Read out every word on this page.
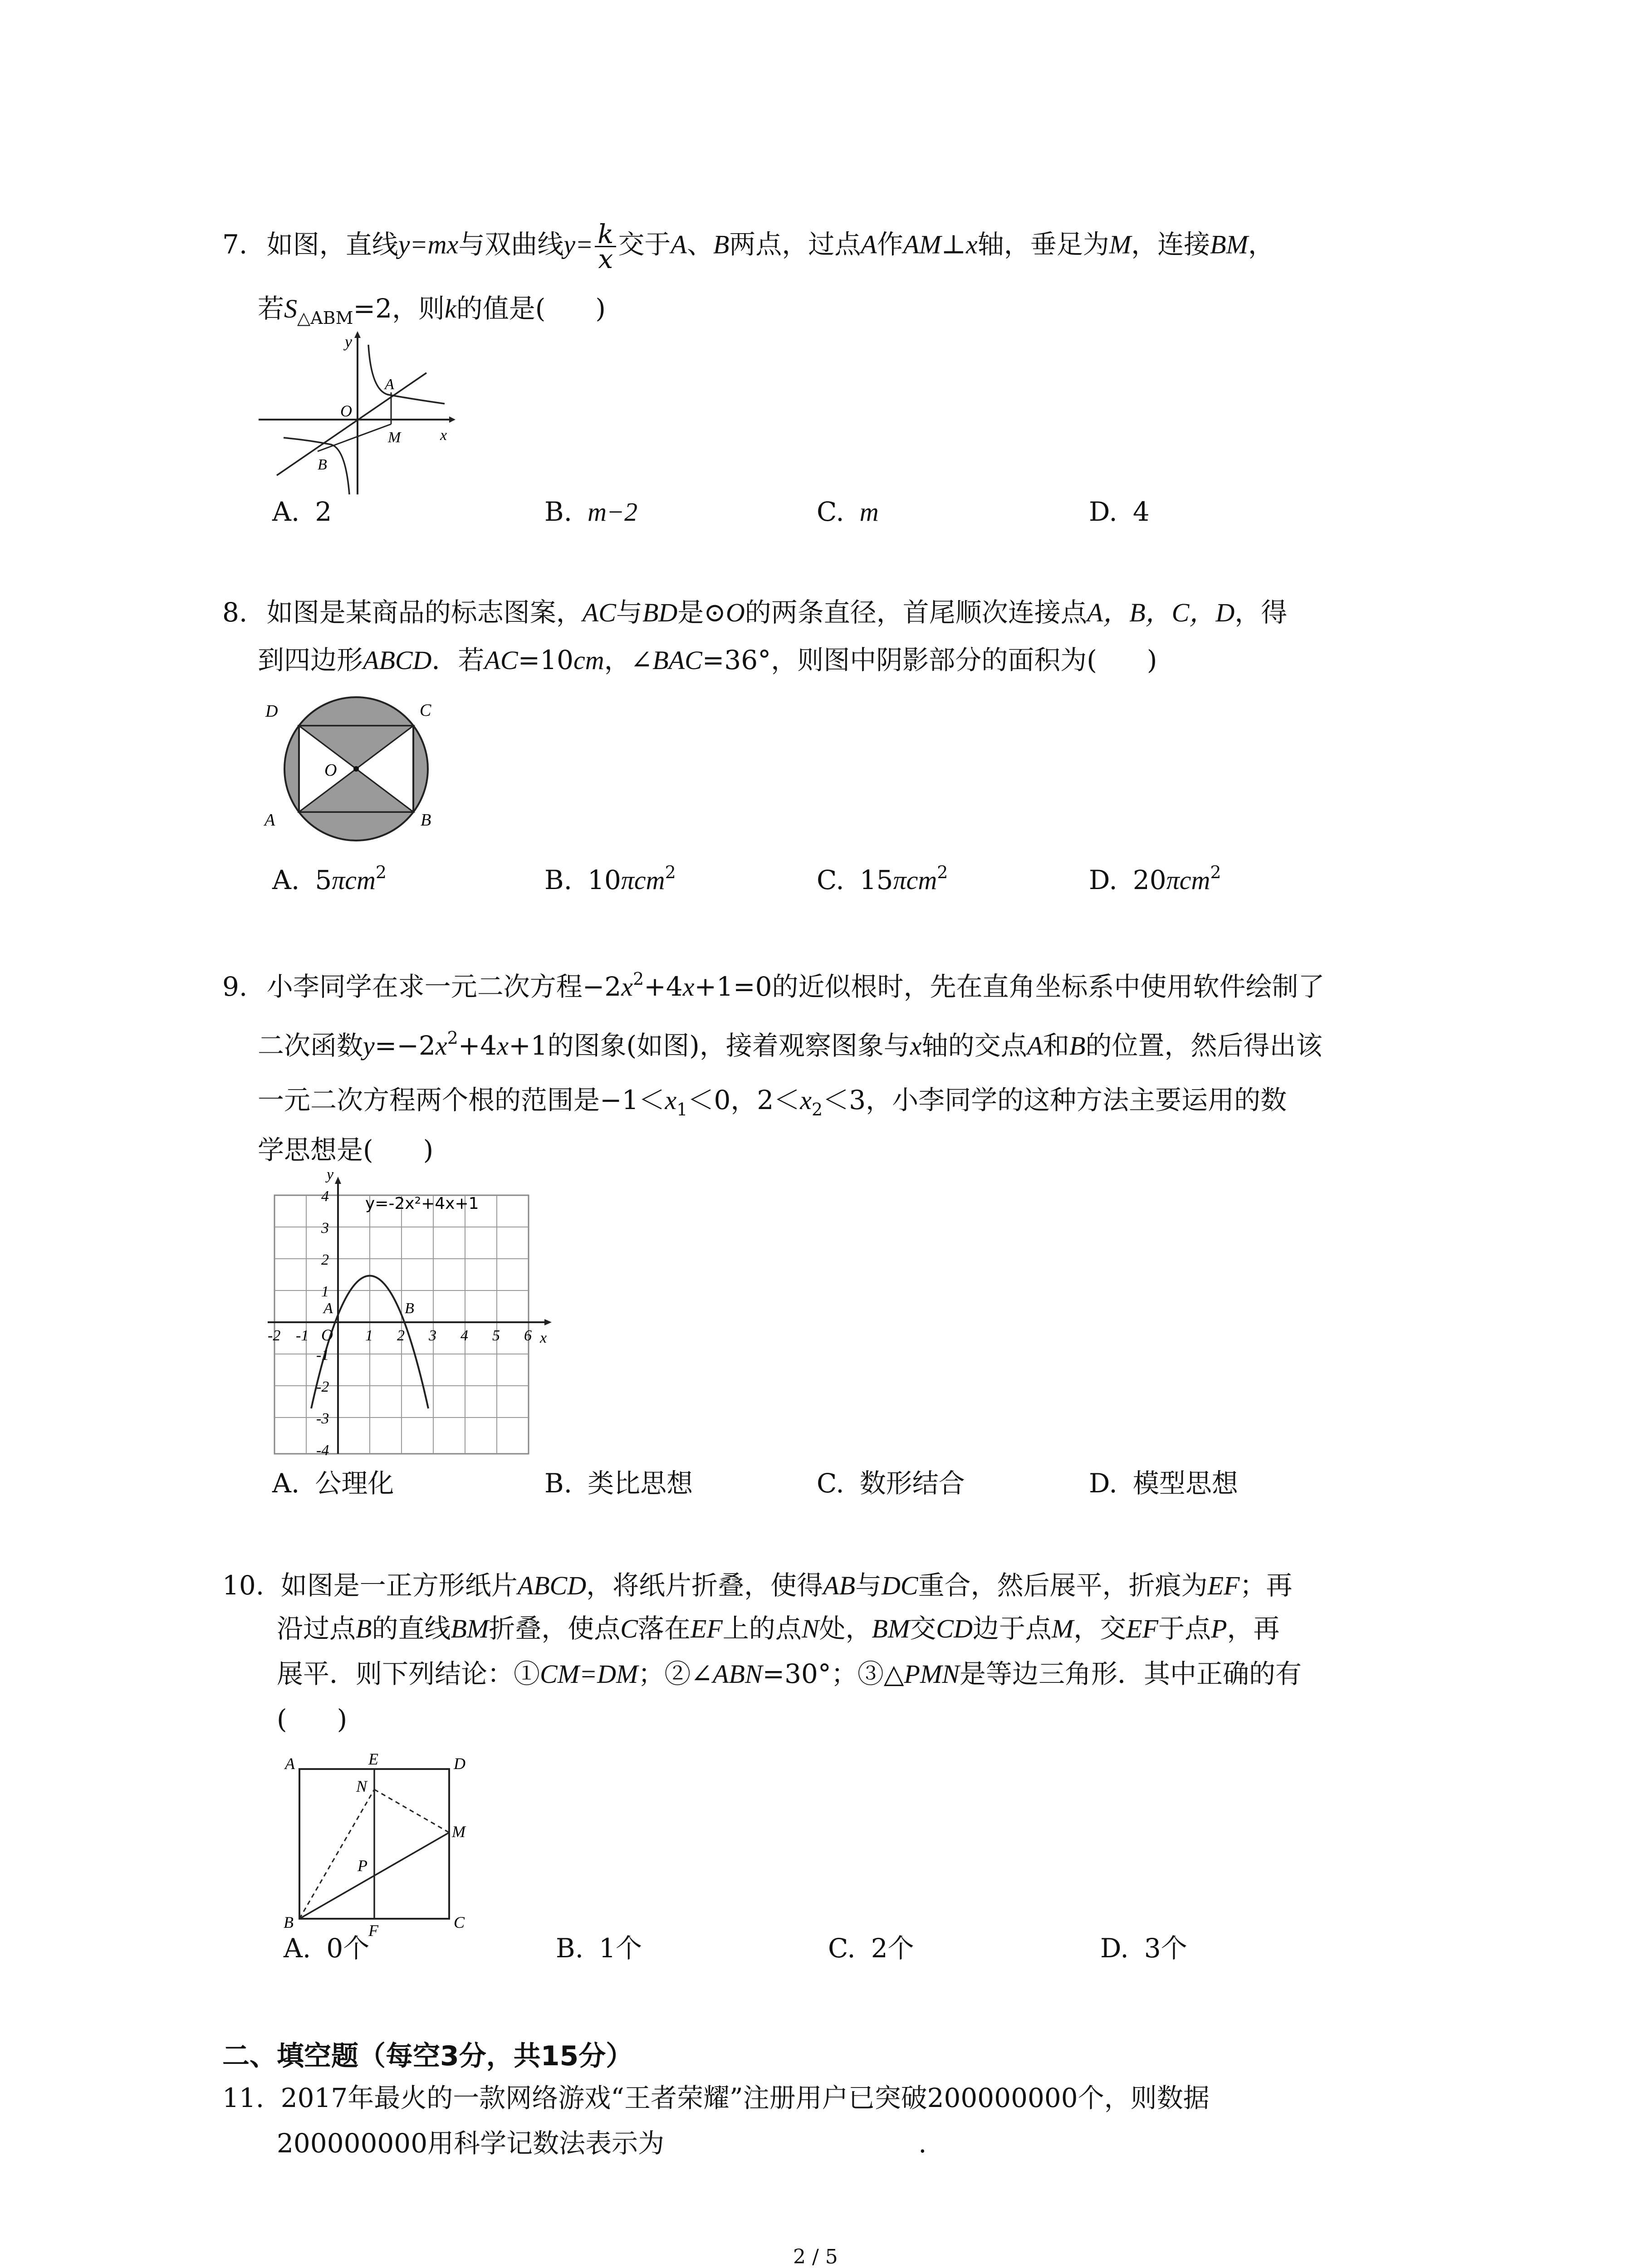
7. 如图，直线y=mx与双曲线$y= \frac{k}{x}$ 交于A、B两点，过点A作AM⊥x轴，垂足为M，连接BM，
若$S_{\triangle ABM}=2$，则k的值是( )
y
A
O
M	x
B
A. 2	B. m−2	C. m	D. 4
8. 如图是某商品的标志图案，AC与BD是⊙O的两条直径，首尾顺次连接点A，B，C，D，得
到四边形ABCD．若AC=10cm，∠BAC=36°，则图中阴影部分的面积为( )
D	C
O
A	B
A. 5πcm$^2$	B. 10πcm$^2$	C. 15πcm$^2$	D. 20πcm$^2$
9. 小李同学在求一元二次方程$-2x^2+4x+1=0$的近似根时，先在直角坐标系中使用软件绘制了
二次函数$y=-2x^2+4x+1$的图象(如图)，接着观察图象与x轴的交点A和B的位置，然后得出该
一元二次方程两个根的范围是$-1<x_1<0$，$2<x_2<3$，小李同学的这种方法主要运用的数
学思想是( )
y
x
y=-2x²+4x+1
A	B
O
-2 -1	1 2 3 4 5 6
4
3
2
1
-1
-2
-3
-4
A. 公理化	B. 类比思想	C. 数形结合	D. 模型思想
10. 如图是一正方形纸片ABCD，将纸片折叠，使得AB与DC重合，然后展平，折痕为EF；再
沿过点B的直线BM折叠，使点C落在EF上的点N处，BM交CD边于点M，交EF于点P，再
展平．则下列结论：①CM=DM；②∠ABN=30°；③△PMN是等边三角形．其中正确的有
( )
A	E	D
N
M
P
B	F	C
A. 0个	B. 1个	C. 2个	D. 3个
二、填空题（每空3分，共15分）
11. 2017年最火的一款网络游戏“王者荣耀”注册用户已突破200000000个，则数据
200000000用科学记数法表示为	.
2 / 5
